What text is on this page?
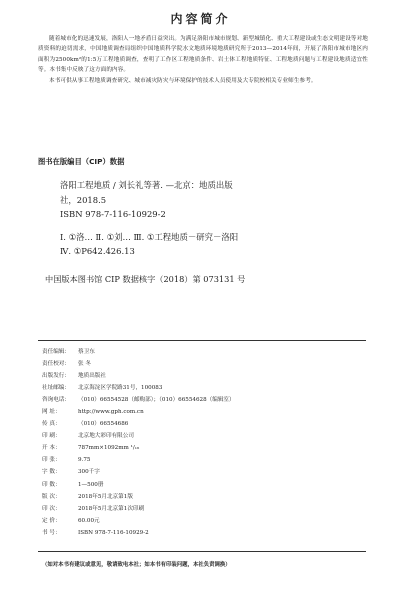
内容简介

随着城市化的迅速发展，洛阳人一地矛盾日益突出。为满足洛阳市城市规划、新型城镇化、重大工程建设或生态文明建设等对地质资料的迫切需求，中国地质调查局组织中国地质科学院水文地质环境地质研究所于2013—2014年间，开展了洛阳市城市地区内面积为2500km²的1:5万工程地质调查，查明了工作区工程地质条件、岩土体工程地质特征、工程地质问题与工程建设地质适宜性等。本书集中反映了这方面的内容。

本书可供从事工程地质调查研究、城市减灾防灾与环境保护的技术人员使用及大专院校相关专业师生参考。

图书在版编目（CIP）数据
洛阳工程地质 / 刘长礼等著. —北京：地质出版
社，2018.5
ISBN 978-7-116-10929-2
Ⅰ. ①洛… Ⅱ. ①刘… Ⅲ. ①工程地质－研究－洛阳
Ⅳ. ①P642.426.13
中国版本图书馆 CIP 数据核字（2018）第 073131 号
责任编辑：	蔡卫东
责任校对：	张 冬
出版发行：	地质出版社
社址邮编：	北京海淀区学院路31号，100083
咨询电话：	（010）66554528（邮购部）；（010）66554628（编辑室）
网 址：	http://www.gph.com.cn
传 真：	（010）66554686
印 刷：	北京地大彩印有限公司
开 本：	787mm×1092mm ¹/₁₆
印 张：	9.75
字 数：	300千字
印 数：	1—500册
版 次：	2018年5月北京第1版
印 次：	2018年5月北京第1次印刷
定 价：	60.00元
书 号：	ISBN 978-7-116-10929-2
（如对本书有建议或意见，敬请致电本社；如本书有印装问题，本社负责调换）
